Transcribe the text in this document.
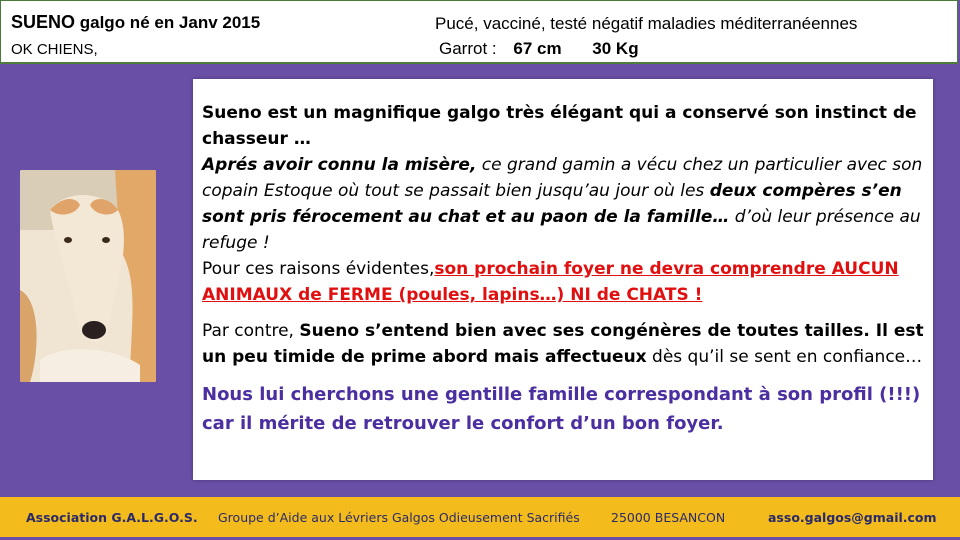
SUENO galgo né en Janv 2015
OK CHIENS,
Pucé, vacciné, testé négatif maladies méditerranéennes
Garrot : 67 cm 30 Kg

Sueno est un magnifique galgo très élégant qui a conservé son instinct de chasseur …
Aprés avoir connu la misère, ce grand gamin a vécu chez un particulier avec son copain Estoque où tout se passait bien jusqu’au jour où les deux compères s’en sont pris férocement au chat et au paon de la famille… d’où leur présence au refuge !
Pour ces raisons évidentes,son prochain foyer ne devra comprendre AUCUN ANIMAUX de FERME (poules, lapins…) NI de CHATS !

Par contre, Sueno s’entend bien avec ses congénères de toutes tailles. Il est un peu timide de prime abord mais affectueux dès qu’il se sent en confiance…

Nous lui cherchons une gentille famille correspondant à son profil (!!!) car il mérite de retrouver le confort d’un bon foyer.

Association G.A.L.G.O.S. Groupe d’Aide aux Lévriers Galgos Odieusement Sacrifiés	25000 BESANCON	asso.galgos@gmail.com
